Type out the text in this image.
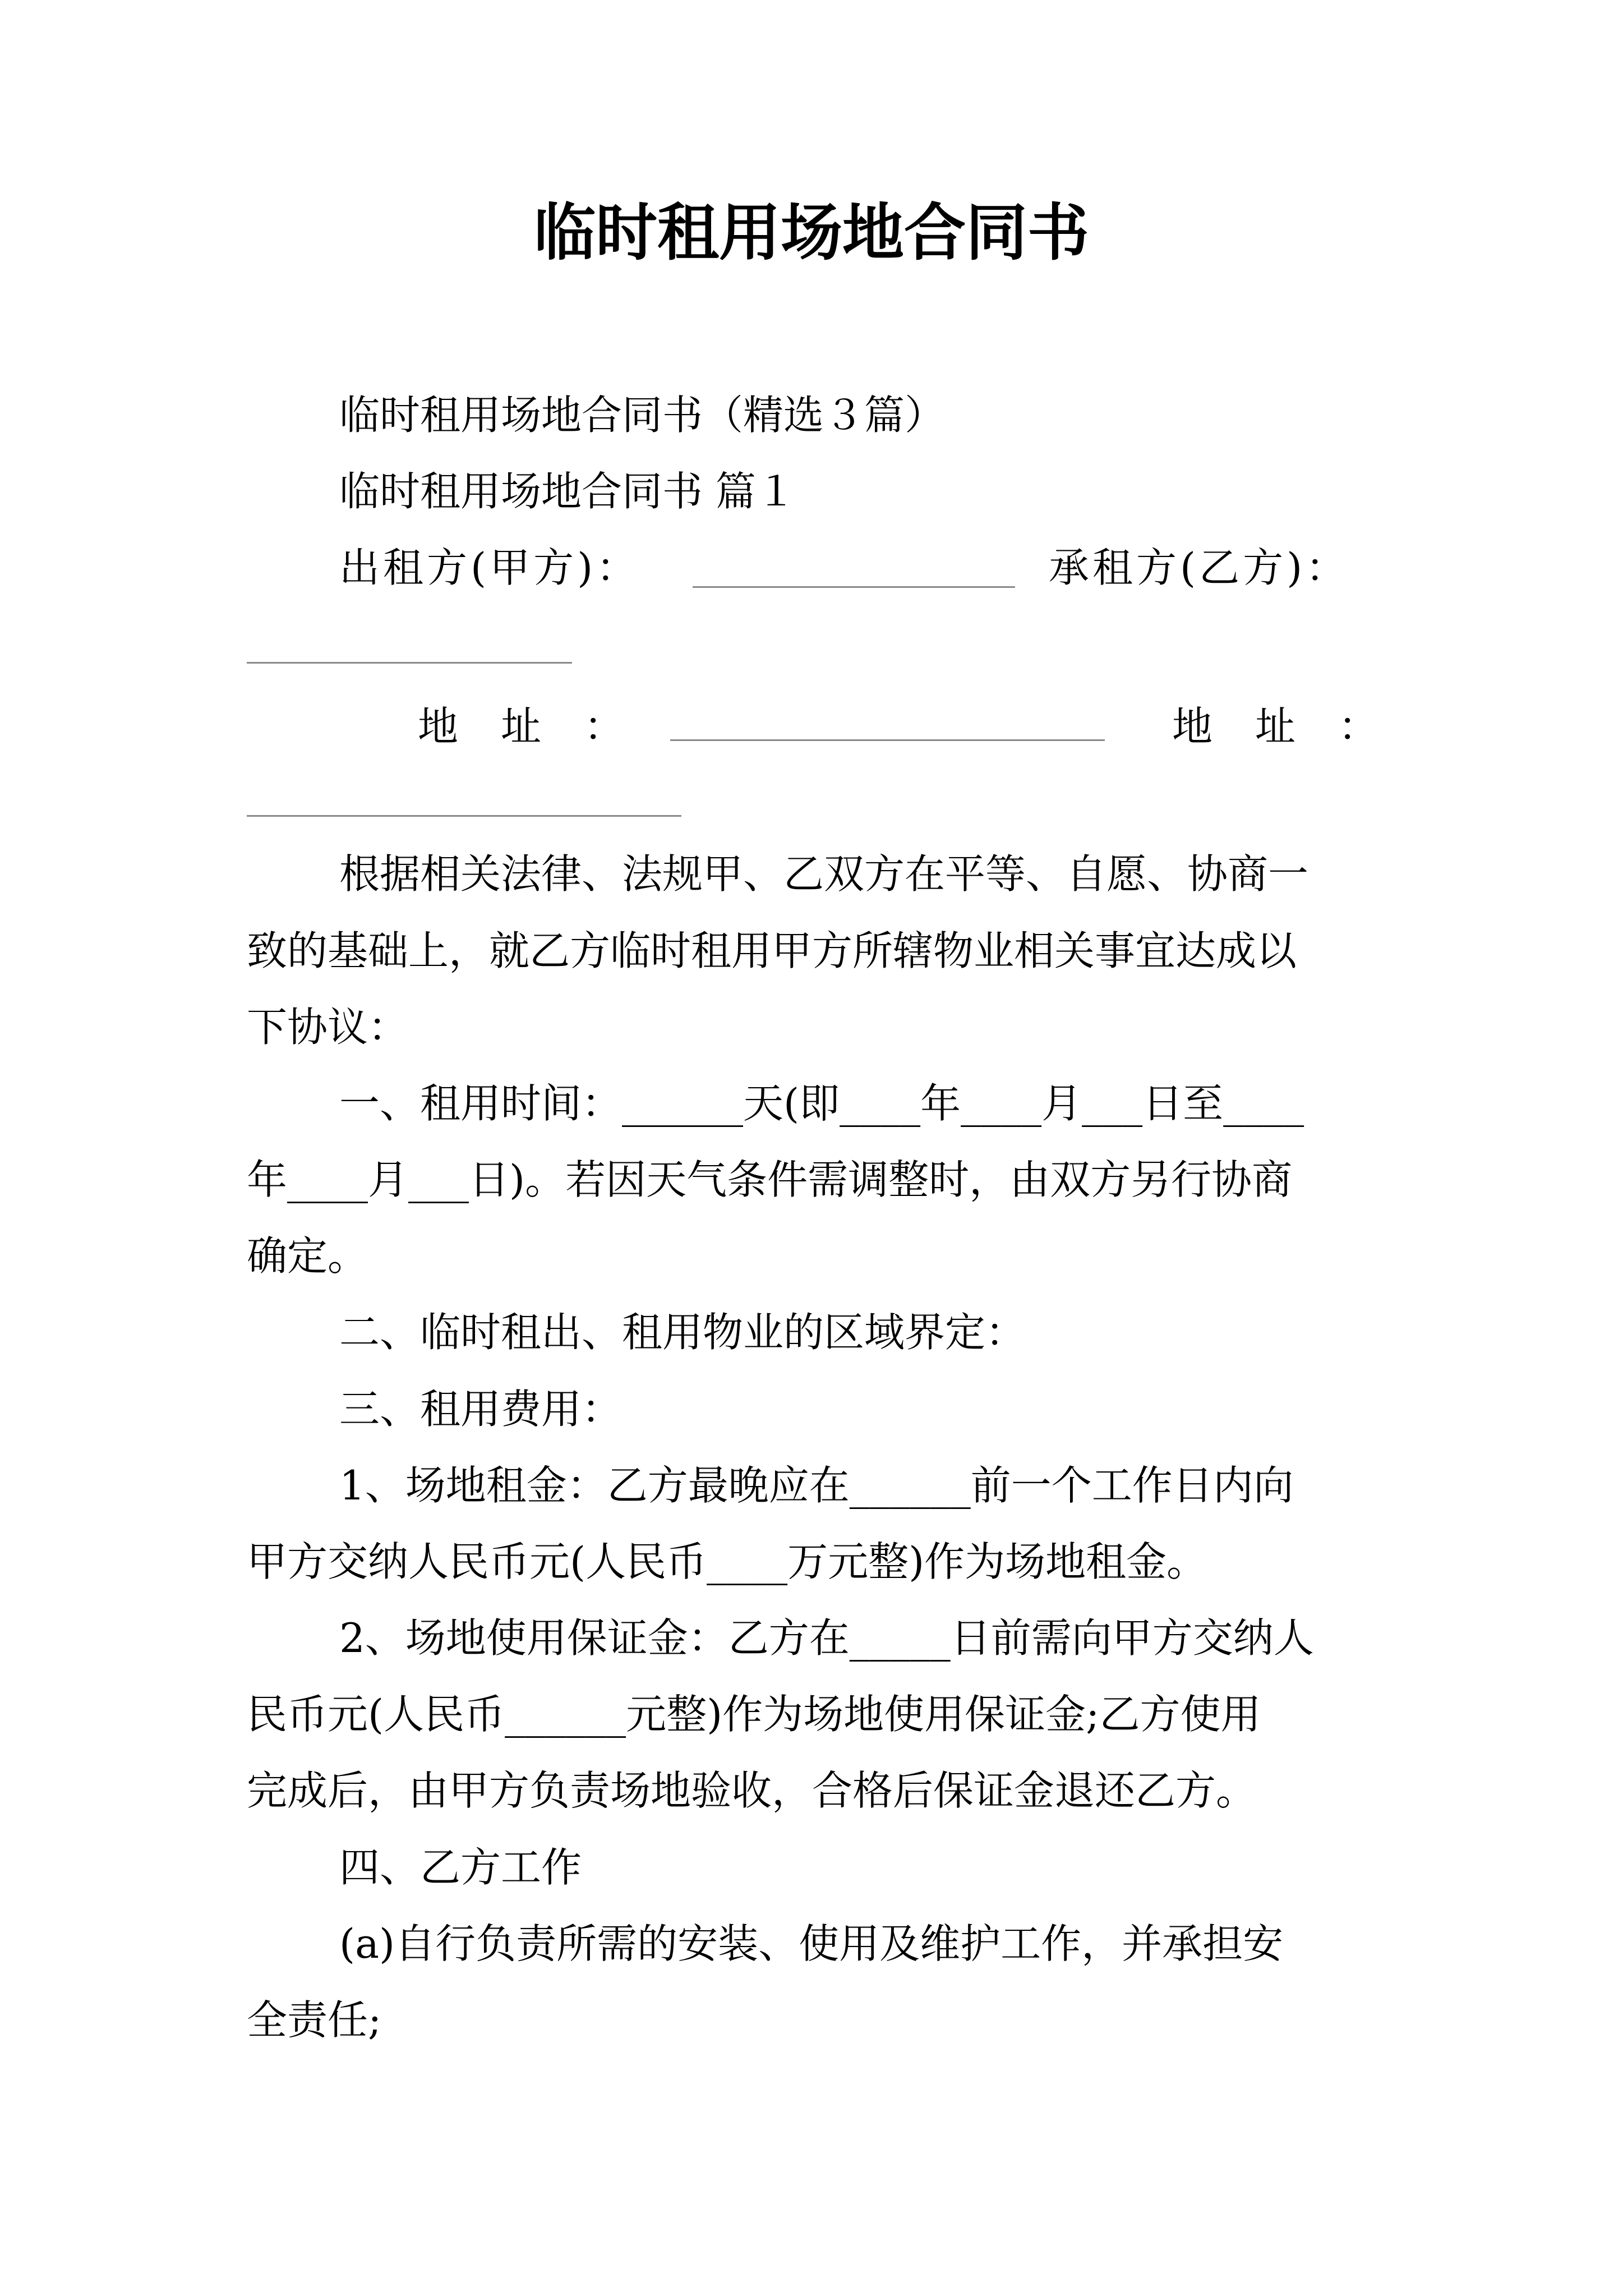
临时租用场地合同书
临时租用场地合同书（精选３篇）
临时租用场地合同书 篇１
出租方(甲方)：	承租方(乙方)：
地　址　：	地　址　：
根据相关法律、法规甲、乙双方在平等、自愿、协商一
致的基础上，就乙方临时租用甲方所辖物业相关事宜达成以
下协议：
一、租用时间：______天(即____年____月___日至____
年____月___日)。若因天气条件需调整时，由双方另行协商
确定。
二、临时租出、租用物业的区域界定：
三、租用费用：
1、场地租金：乙方最晚应在______前一个工作日内向
甲方交纳人民币元(人民币____万元整)作为场地租金。
2、场地使用保证金：乙方在_____日前需向甲方交纳人
民币元(人民币______元整)作为场地使用保证金;乙方使用
完成后，由甲方负责场地验收，合格后保证金退还乙方。
四、乙方工作
(a)自行负责所需的安装、使用及维护工作，并承担安
全责任;
